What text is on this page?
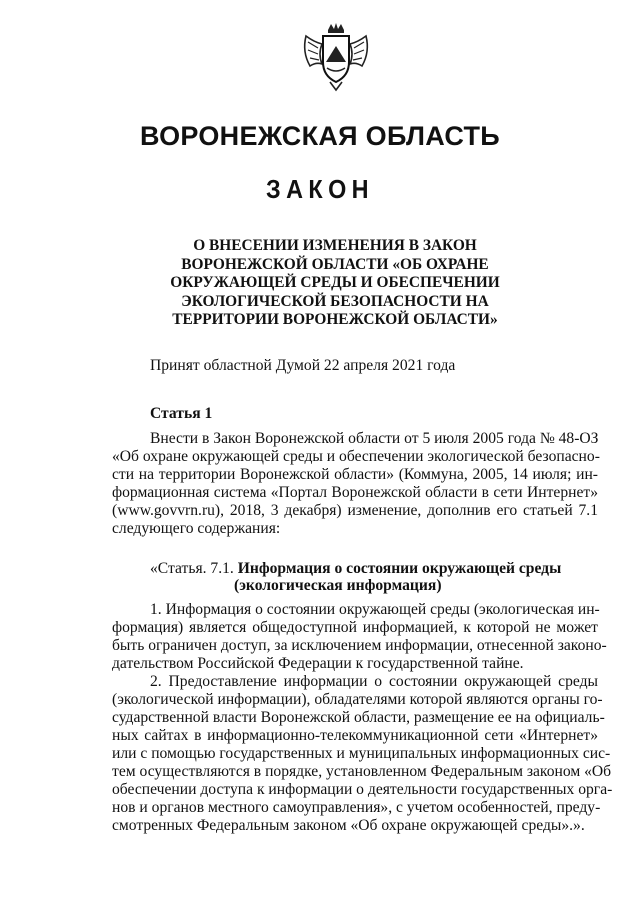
ВОРОНЕЖСКАЯ ОБЛАСТЬ
ЗАКОН
О ВНЕСЕНИИ ИЗМЕНЕНИЯ В ЗАКОН
ВОРОНЕЖСКОЙ ОБЛАСТИ «ОБ ОХРАНЕ
ОКРУЖАЮЩЕЙ СРЕДЫ И ОБЕСПЕЧЕНИИ
ЭКОЛОГИЧЕСКОЙ БЕЗОПАСНОСТИ НА
ТЕРРИТОРИИ ВОРОНЕЖСКОЙ ОБЛАСТИ»
Принят областной Думой 22 апреля 2021 года
Статья 1
Внести в Закон Воронежской области от 5 июля 2005 года № 48-ОЗ
«Об охране окружающей среды и обеспечении экологической безопасно-
сти на территории Воронежской области» (Коммуна, 2005, 14 июля; ин-
формационная система «Портал Воронежской области в сети Интернет»
(www.govvrn.ru), 2018, 3 декабря) изменение, дополнив его статьей 7.1
следующего содержания:
«Статья. 7.1. Информация о состоянии окружающей среды
(экологическая информация)
1. Информация о состоянии окружающей среды (экологическая ин-
формация) является общедоступной информацией, к которой не может
быть ограничен доступ, за исключением информации, отнесенной законо-
дательством Российской Федерации к государственной тайне.
2. Предоставление информации о состоянии окружающей среды
(экологической информации), обладателями которой являются органы го-
сударственной власти Воронежской области, размещение ее на официаль-
ных сайтах в информационно-телекоммуникационной сети «Интернет»
или с помощью государственных и муниципальных информационных сис-
тем осуществляются в порядке, установленном Федеральным законом «Об
обеспечении доступа к информации о деятельности государственных орга-
нов и органов местного самоуправления», с учетом особенностей, преду-
смотренных Федеральным законом «Об охране окружающей среды».».
